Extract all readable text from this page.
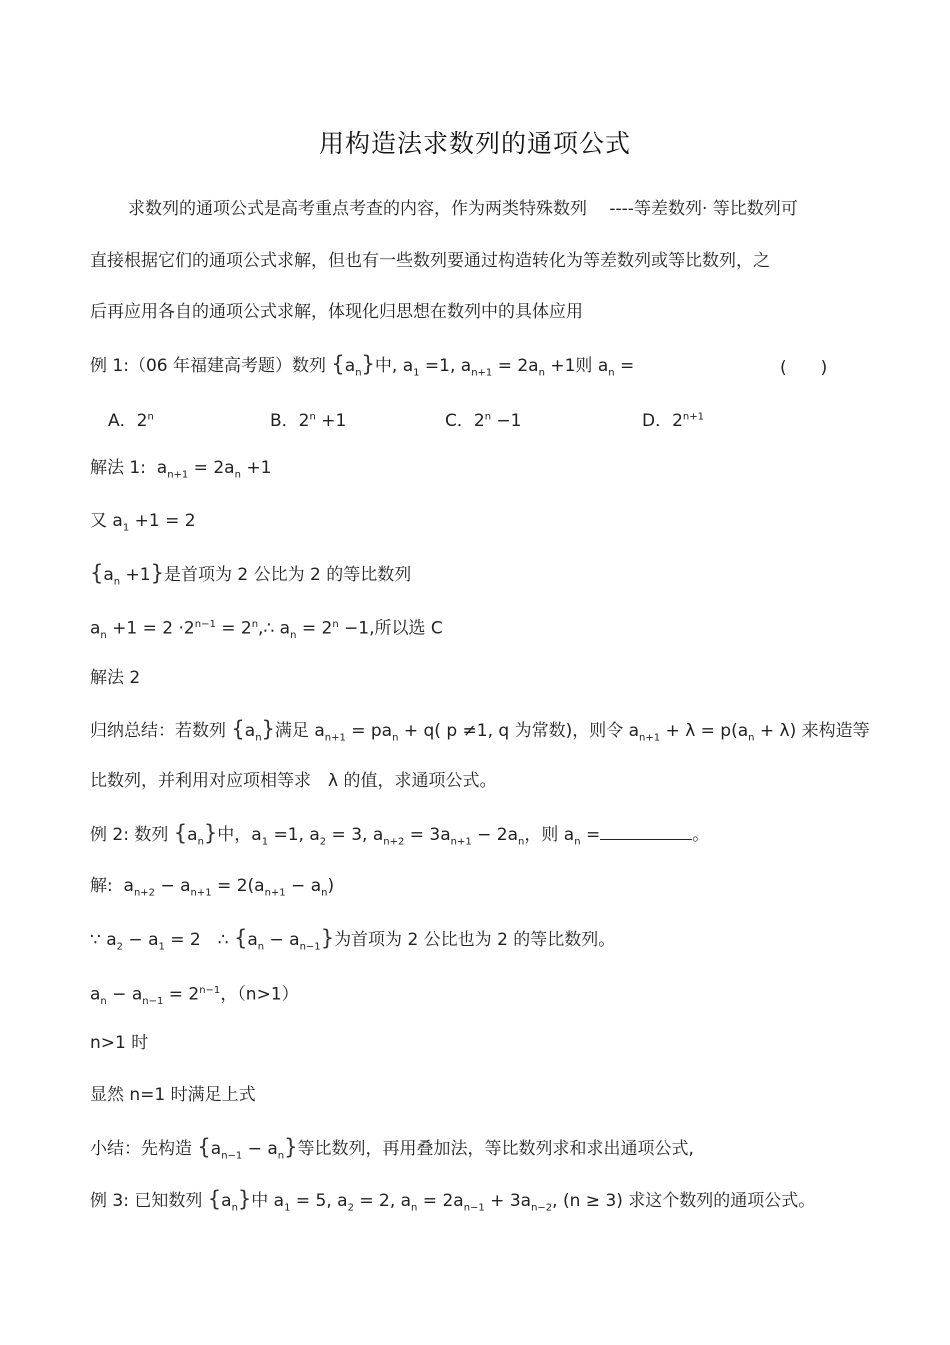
用构造法求数列的通项公式
求数列的通项公式是高考重点考查的内容，作为两类特殊数列　 ----等差数列· 等比数列可
直接根据它们的通项公式求解，但也有一些数列要通过构造转化为等差数列或等比数列，之
后再应用各自的通项公式求解，体现化归思想在数列中的具体应用
例 1:（06 年福建高考题）数列 $\{a_n\}$中, $a_1 =1$, $a_{n+1} = 2a_n +1$则 $a_n$ =	(　　)
A．2$^n$	B．$2^n +1$	C．$2^n -1$	D．$2^{n+1}$
解法 1: $a_{n+1} = 2a_n +1$
又 $a_1 +1 = 2$
$\{a_n +1\}$是首项为 2 公比为 2 的等比数列
$a_n +1 = 2 \cdot 2^{n-1}$ = $2^n,\therefore$ $a_n = 2^n -1$,所以选 C
解法 2
归纳总结：若数列 $\{a_n\}$满足 $a_{n+1} = pa_n + q$( p ≠1, q 为常数)，则令 $a_{n+1} + \lambda = p(a_n + \lambda)$ 来构造等
比数列，并利用对应项相等求　λ 的值，求通项公式。
例 2: 数列 $\{a_n\}$中，$a_1 =1$, $a_2 = 3$, $a_{n+2} = 3a_{n+1} - 2a_n$，则 $a_n$ =	。
解: $a_{n+2} - a_{n+1} = 2(a_{n+1} - a_n)$
∵ $a_2 - a_1 = 2$　∴ $\{a_n - a_{n-1}\}$为首项为 2 公比也为 2 的等比数列。
$a_n - a_{n-1} = 2^{n-1}$，（n>1）
n>1 时
显然 n=1 时满足上式
小结：先构造 $\{a_{n-1} - a_n\}$等比数列，再用叠加法，等比数列求和求出通项公式,
例 3: 已知数列 $\{a_n\}$中 $a_1 = 5$, $a_2 = 2$, $a_n = 2a_{n-1} + 3a_{n-2}$, (n ≥ 3) 求这个数列的通项公式。
